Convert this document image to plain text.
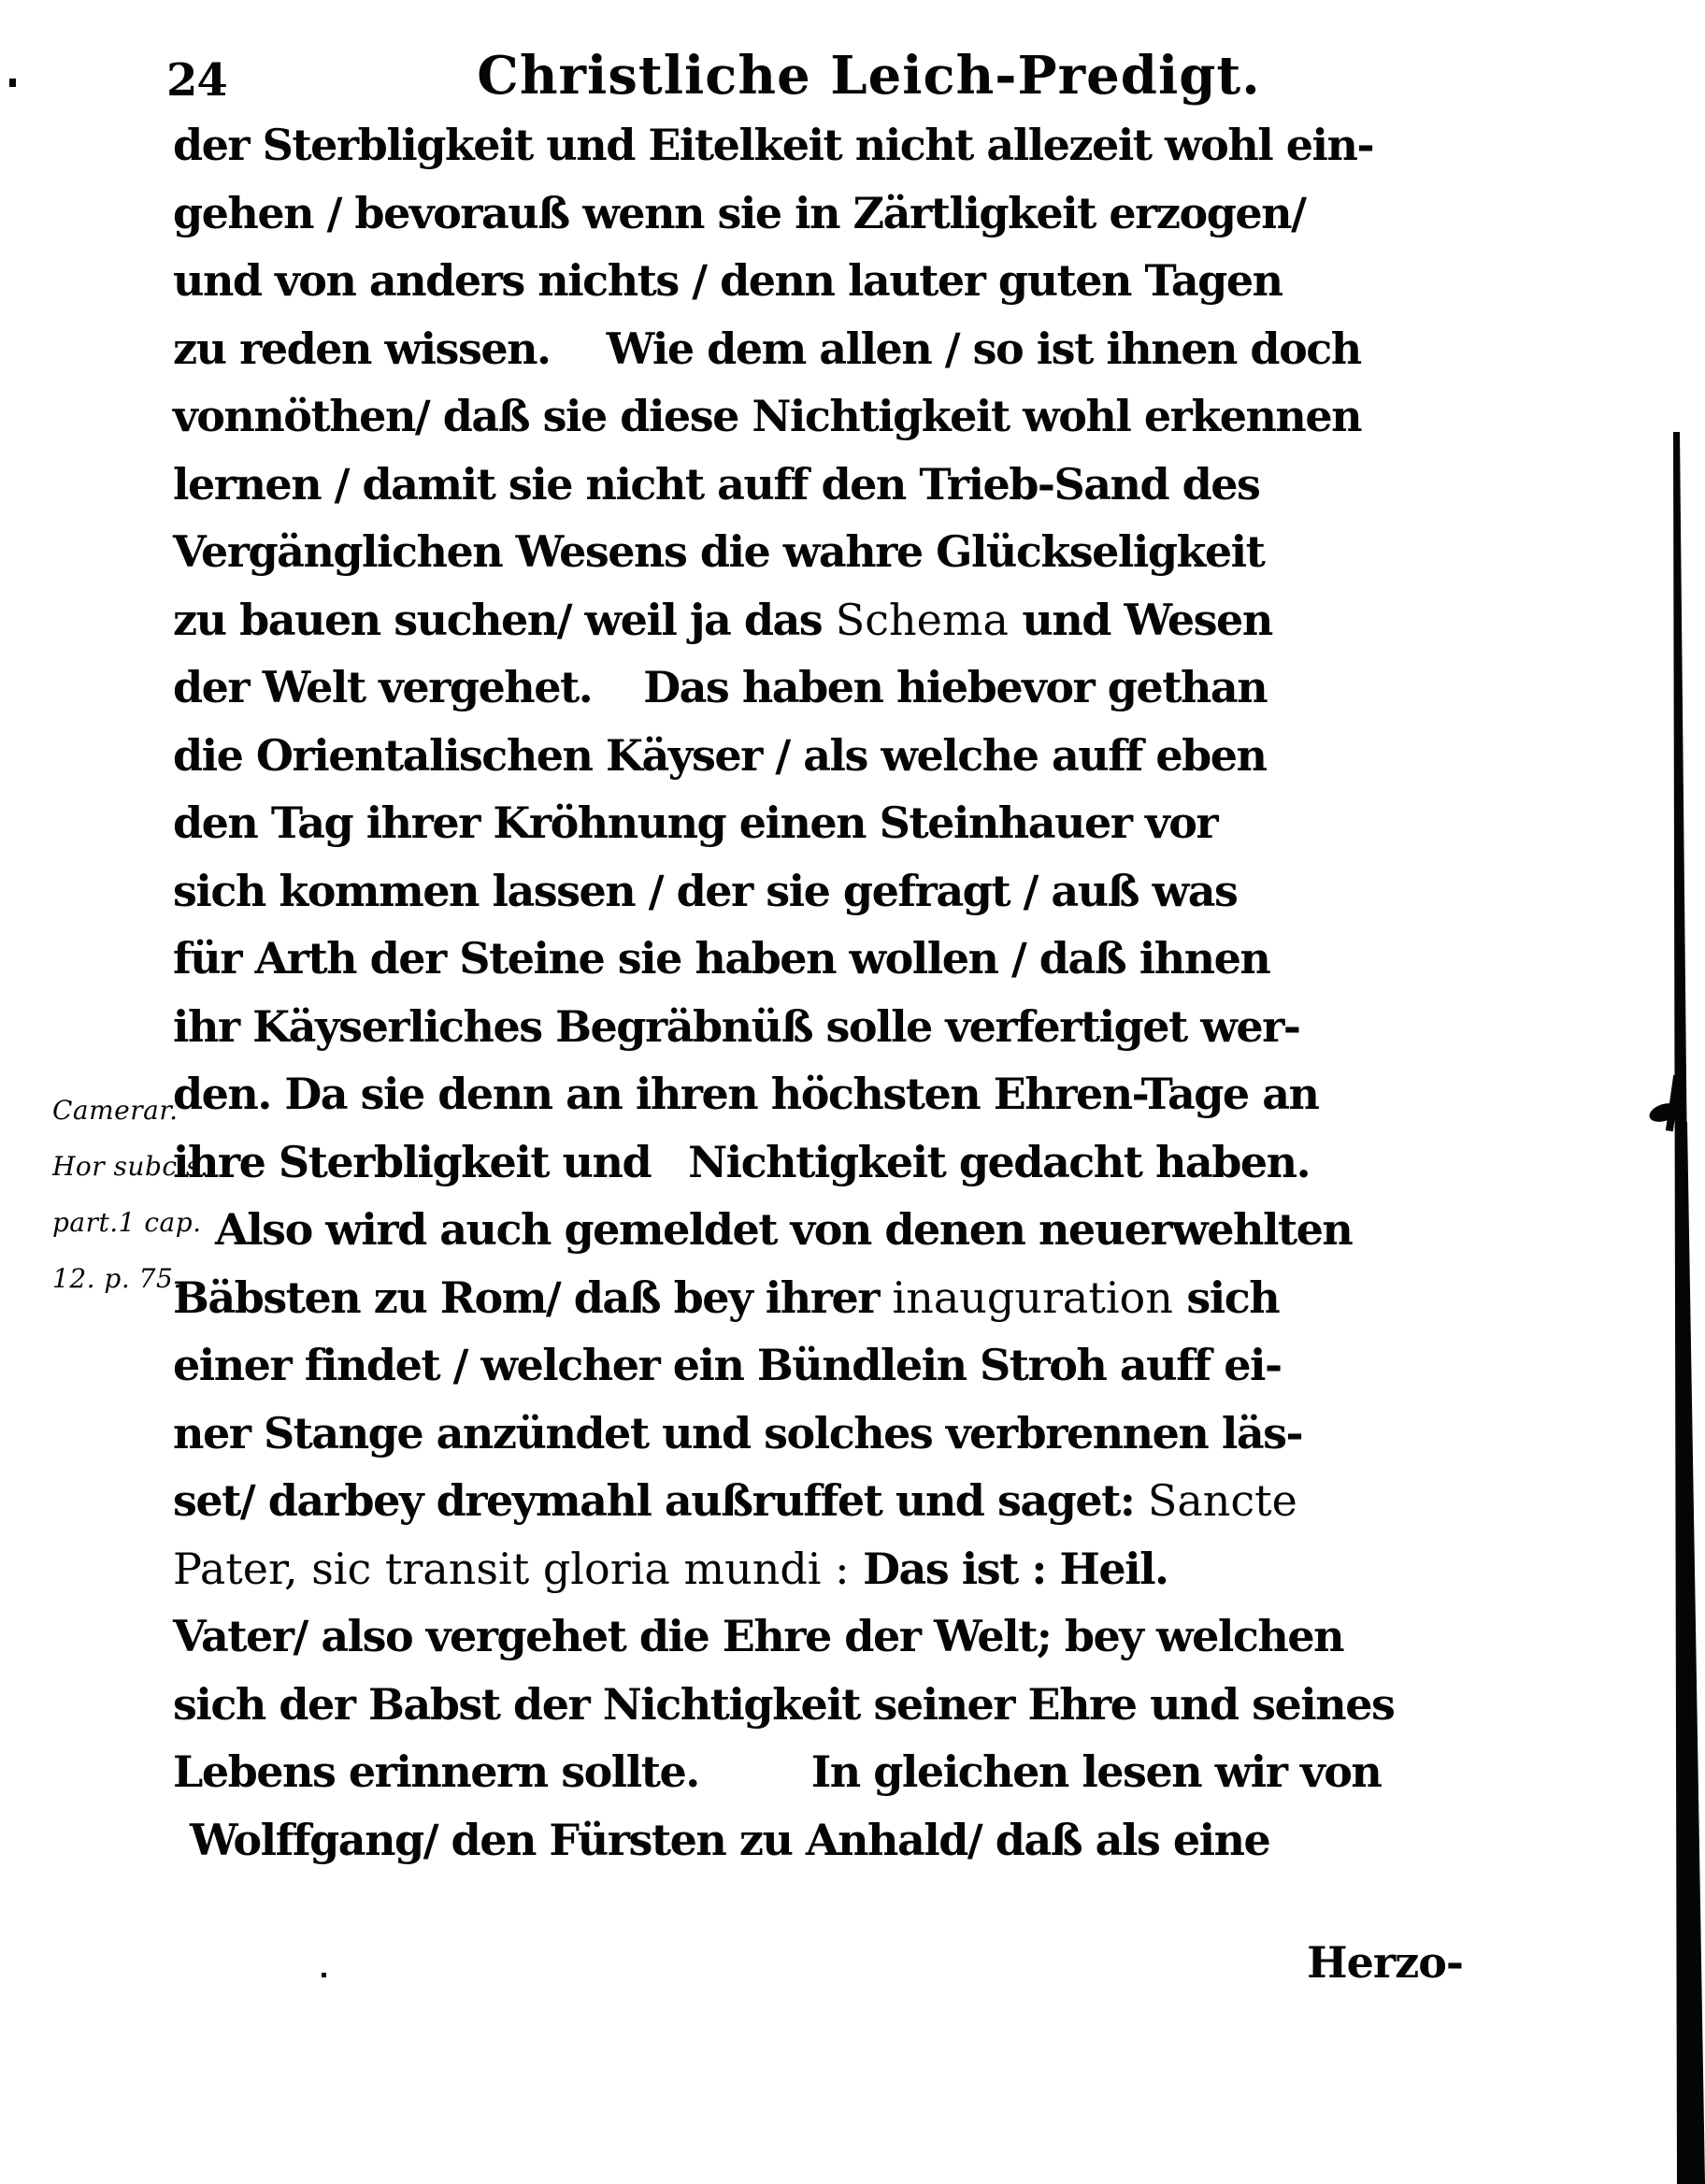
24	Christliche Leich-Predigt.
Camerar.
Hor subcis.
part.1 cap.
12. p. 75.
der Sterbligkeit und Eitelkeit nicht allezeit wohl ein-
gehen / bevorauß wenn sie in Zärtligkeit erzogen/
und von anders nichts / denn lauter guten Tagen
zu reden wissen. Wie dem allen / so ist ihnen doch
vonnöthen/ daß sie diese Nichtigkeit wohl erkennen
lernen / damit sie nicht auff den Trieb-Sand des
Vergänglichen Wesens die wahre Glückseligkeit
zu bauen suchen/ weil ja das Schema und Wesen
der Welt vergehet. Das haben hiebevor gethan
die Orientalischen Käyser / als welche auff eben
den Tag ihrer Kröhnung einen Steinhauer vor
sich kommen lassen / der sie gefragt / auß was
für Arth der Steine sie haben wollen / daß ihnen
ihr Käyserliches Begräbnüß solle verfertiget wer-
den. Da sie denn an ihren höchsten Ehren-Tage an
ihre Sterbligkeit und Nichtigkeit gedacht haben.
Also wird auch gemeldet von denen neuerwehlten
Bäbsten zu Rom/ daß bey ihrer inauguration sich
einer findet / welcher ein Bündlein Stroh auff ei-
ner Stange anzündet und solches verbrennen läs-
set/ darbey dreymahl außruffet und saget: Sancte
Pater, sic transit gloria mundi : Das ist : Heil.
Vater/ also vergehet die Ehre der Welt; bey welchen
sich der Babst der Nichtigkeit seiner Ehre und seines
Lebens erinnern sollte.	In gleichen lesen wir von
Wolffgang/ den Fürsten zu Anhald/ daß als eine
Herzo-
